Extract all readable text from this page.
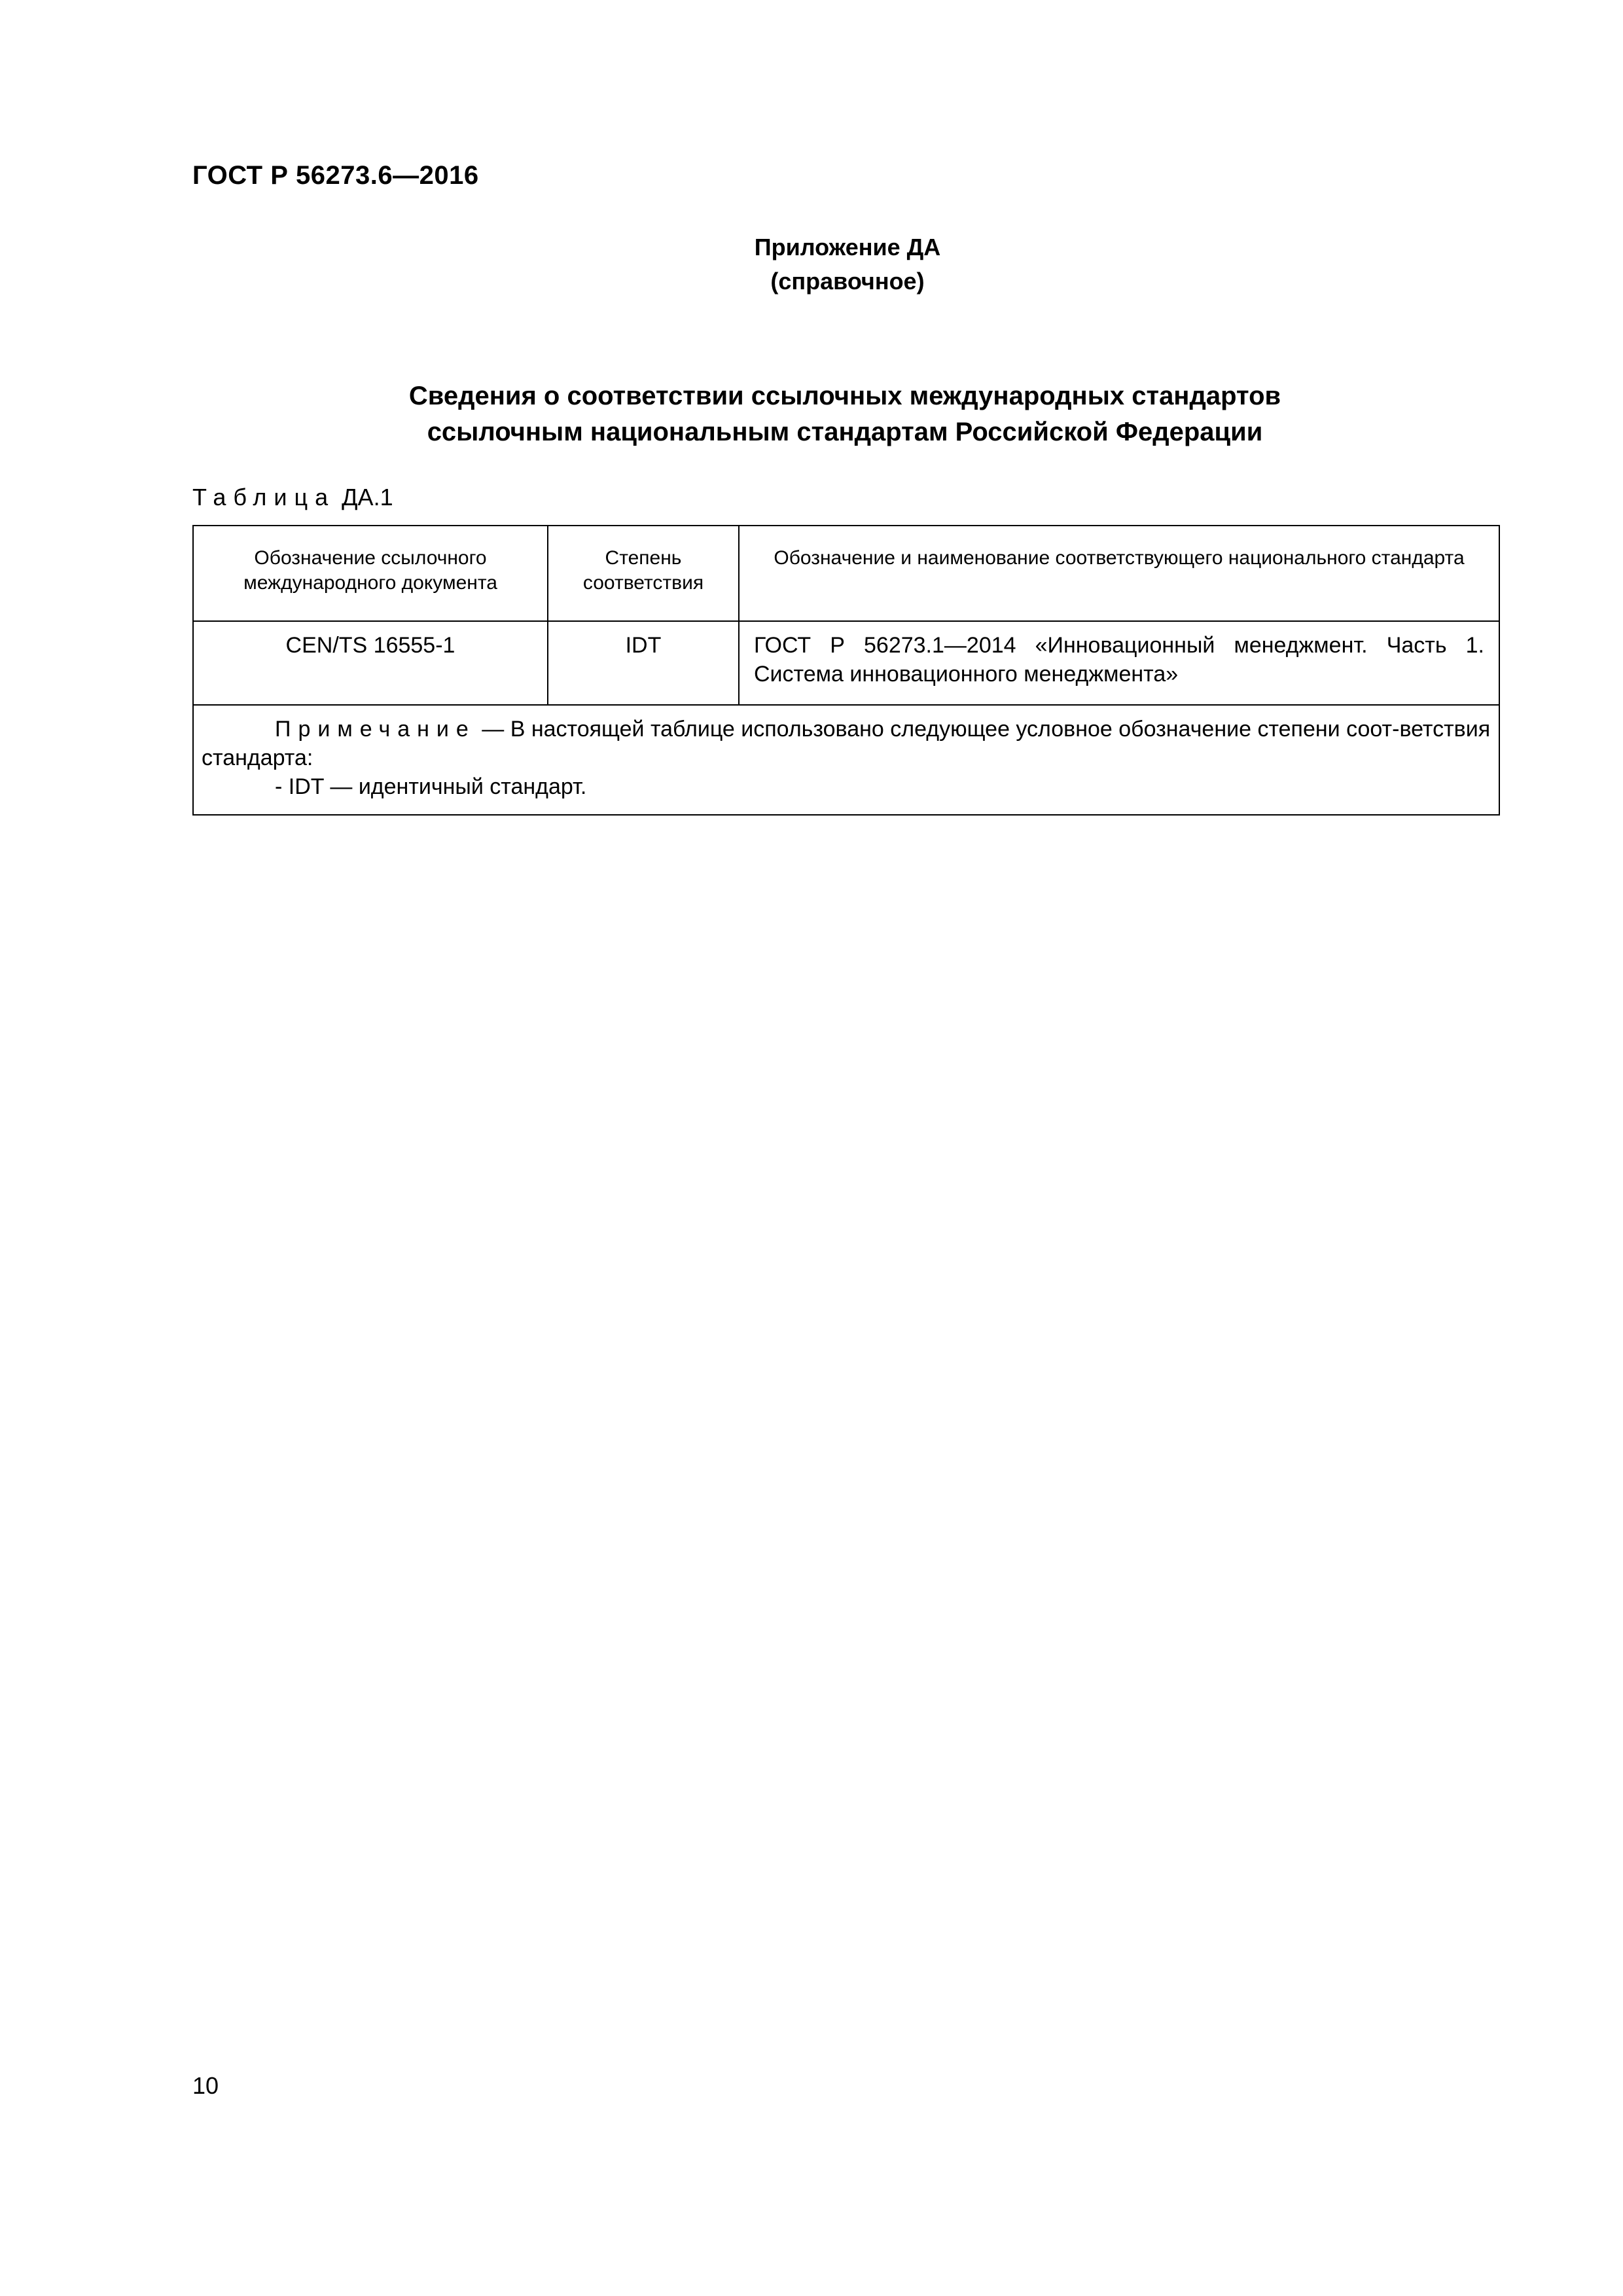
ГОСТ Р 56273.6—2016
Приложение ДА
(справочное)
Сведения о соответствии ссылочных международных стандартов
ссылочным национальным стандартам Российской Федерации
Таблица ДА.1
Обозначение ссылочного международного документа	Степень соответствия	Обозначение и наименование соответствующего национального стандарта
CEN/TS 16555-1	IDT	ГОСТ Р 56273.1—2014 «Инновационный менеджмент. Часть 1. Система инновационного менеджмента»

Примечание — В настоящей таблице использовано следующее условное обозначение степени соот-ветствия стандарта:
- IDT — идентичный стандарт.		
10
